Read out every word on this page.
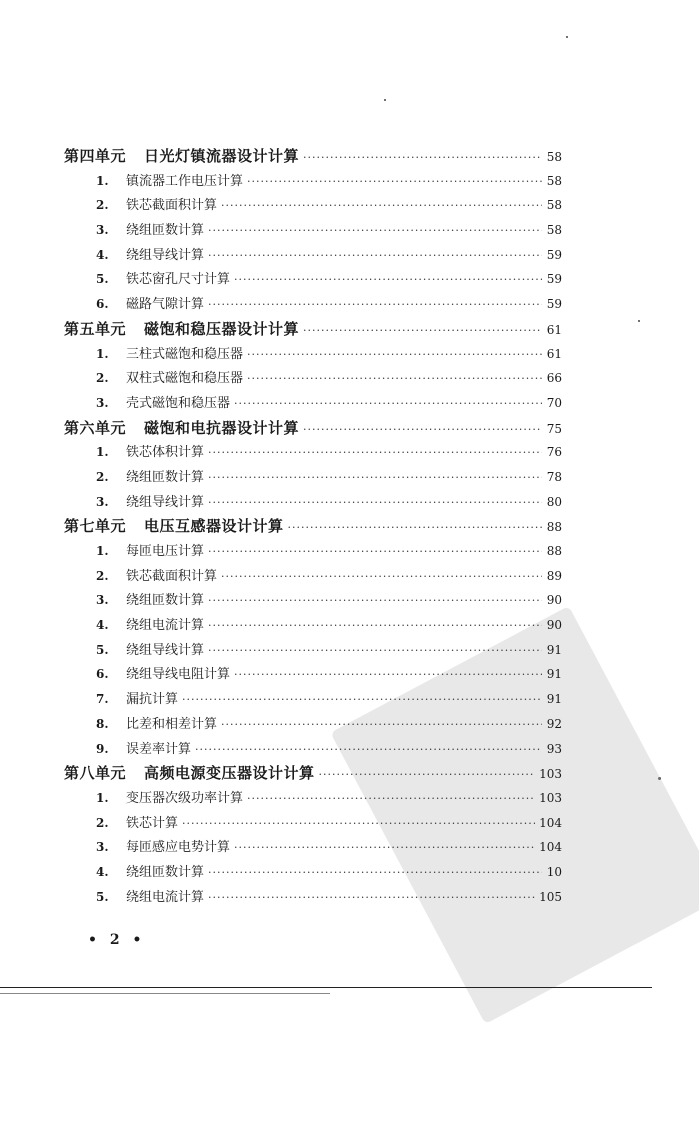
第四单元 日光灯镇流器设计计算 ·····	58
1.	镇流器工作电压计算 ·····	58
2.	铁芯截面积计算 ·····	58
3.	绕组匝数计算 ·····	58
4.	绕组导线计算 ·····	59
5.	铁芯窗孔尺寸计算 ·····	59
6.	磁路气隙计算 ·····	59
第五单元 磁饱和稳压器设计计算 ·····	61
1.	三柱式磁饱和稳压器 ·····	61
2.	双柱式磁饱和稳压器 ·····	66
3.	壳式磁饱和稳压器 ·····	70
第六单元 磁饱和电抗器设计计算 ·····	75
1.	铁芯体积计算 ·····	76
2.	绕组匝数计算 ·····	78
3.	绕组导线计算 ·····	80
第七单元 电压互感器设计计算 ·····	88
1.	每匝电压计算 ·····	88
2.	铁芯截面积计算 ·····	89
3.	绕组匝数计算 ·····	90
4.	绕组电流计算 ·····	90
5.	绕组导线计算 ·····	91
6.	绕组导线电阻计算 ·····	91
7.	漏抗计算 ·····	91
8.	比差和相差计算 ·····	92
9.	误差率计算 ·····	93
第八单元 高频电源变压器设计计算 ·····	103
1.	变压器次级功率计算 ·····	103
2.	铁芯计算 ·····	104
3.	每匝感应电势计算 ·····	104
4.	绕组匝数计算 ·····	10
5.	绕组电流计算 ·····	105
• 2 •
